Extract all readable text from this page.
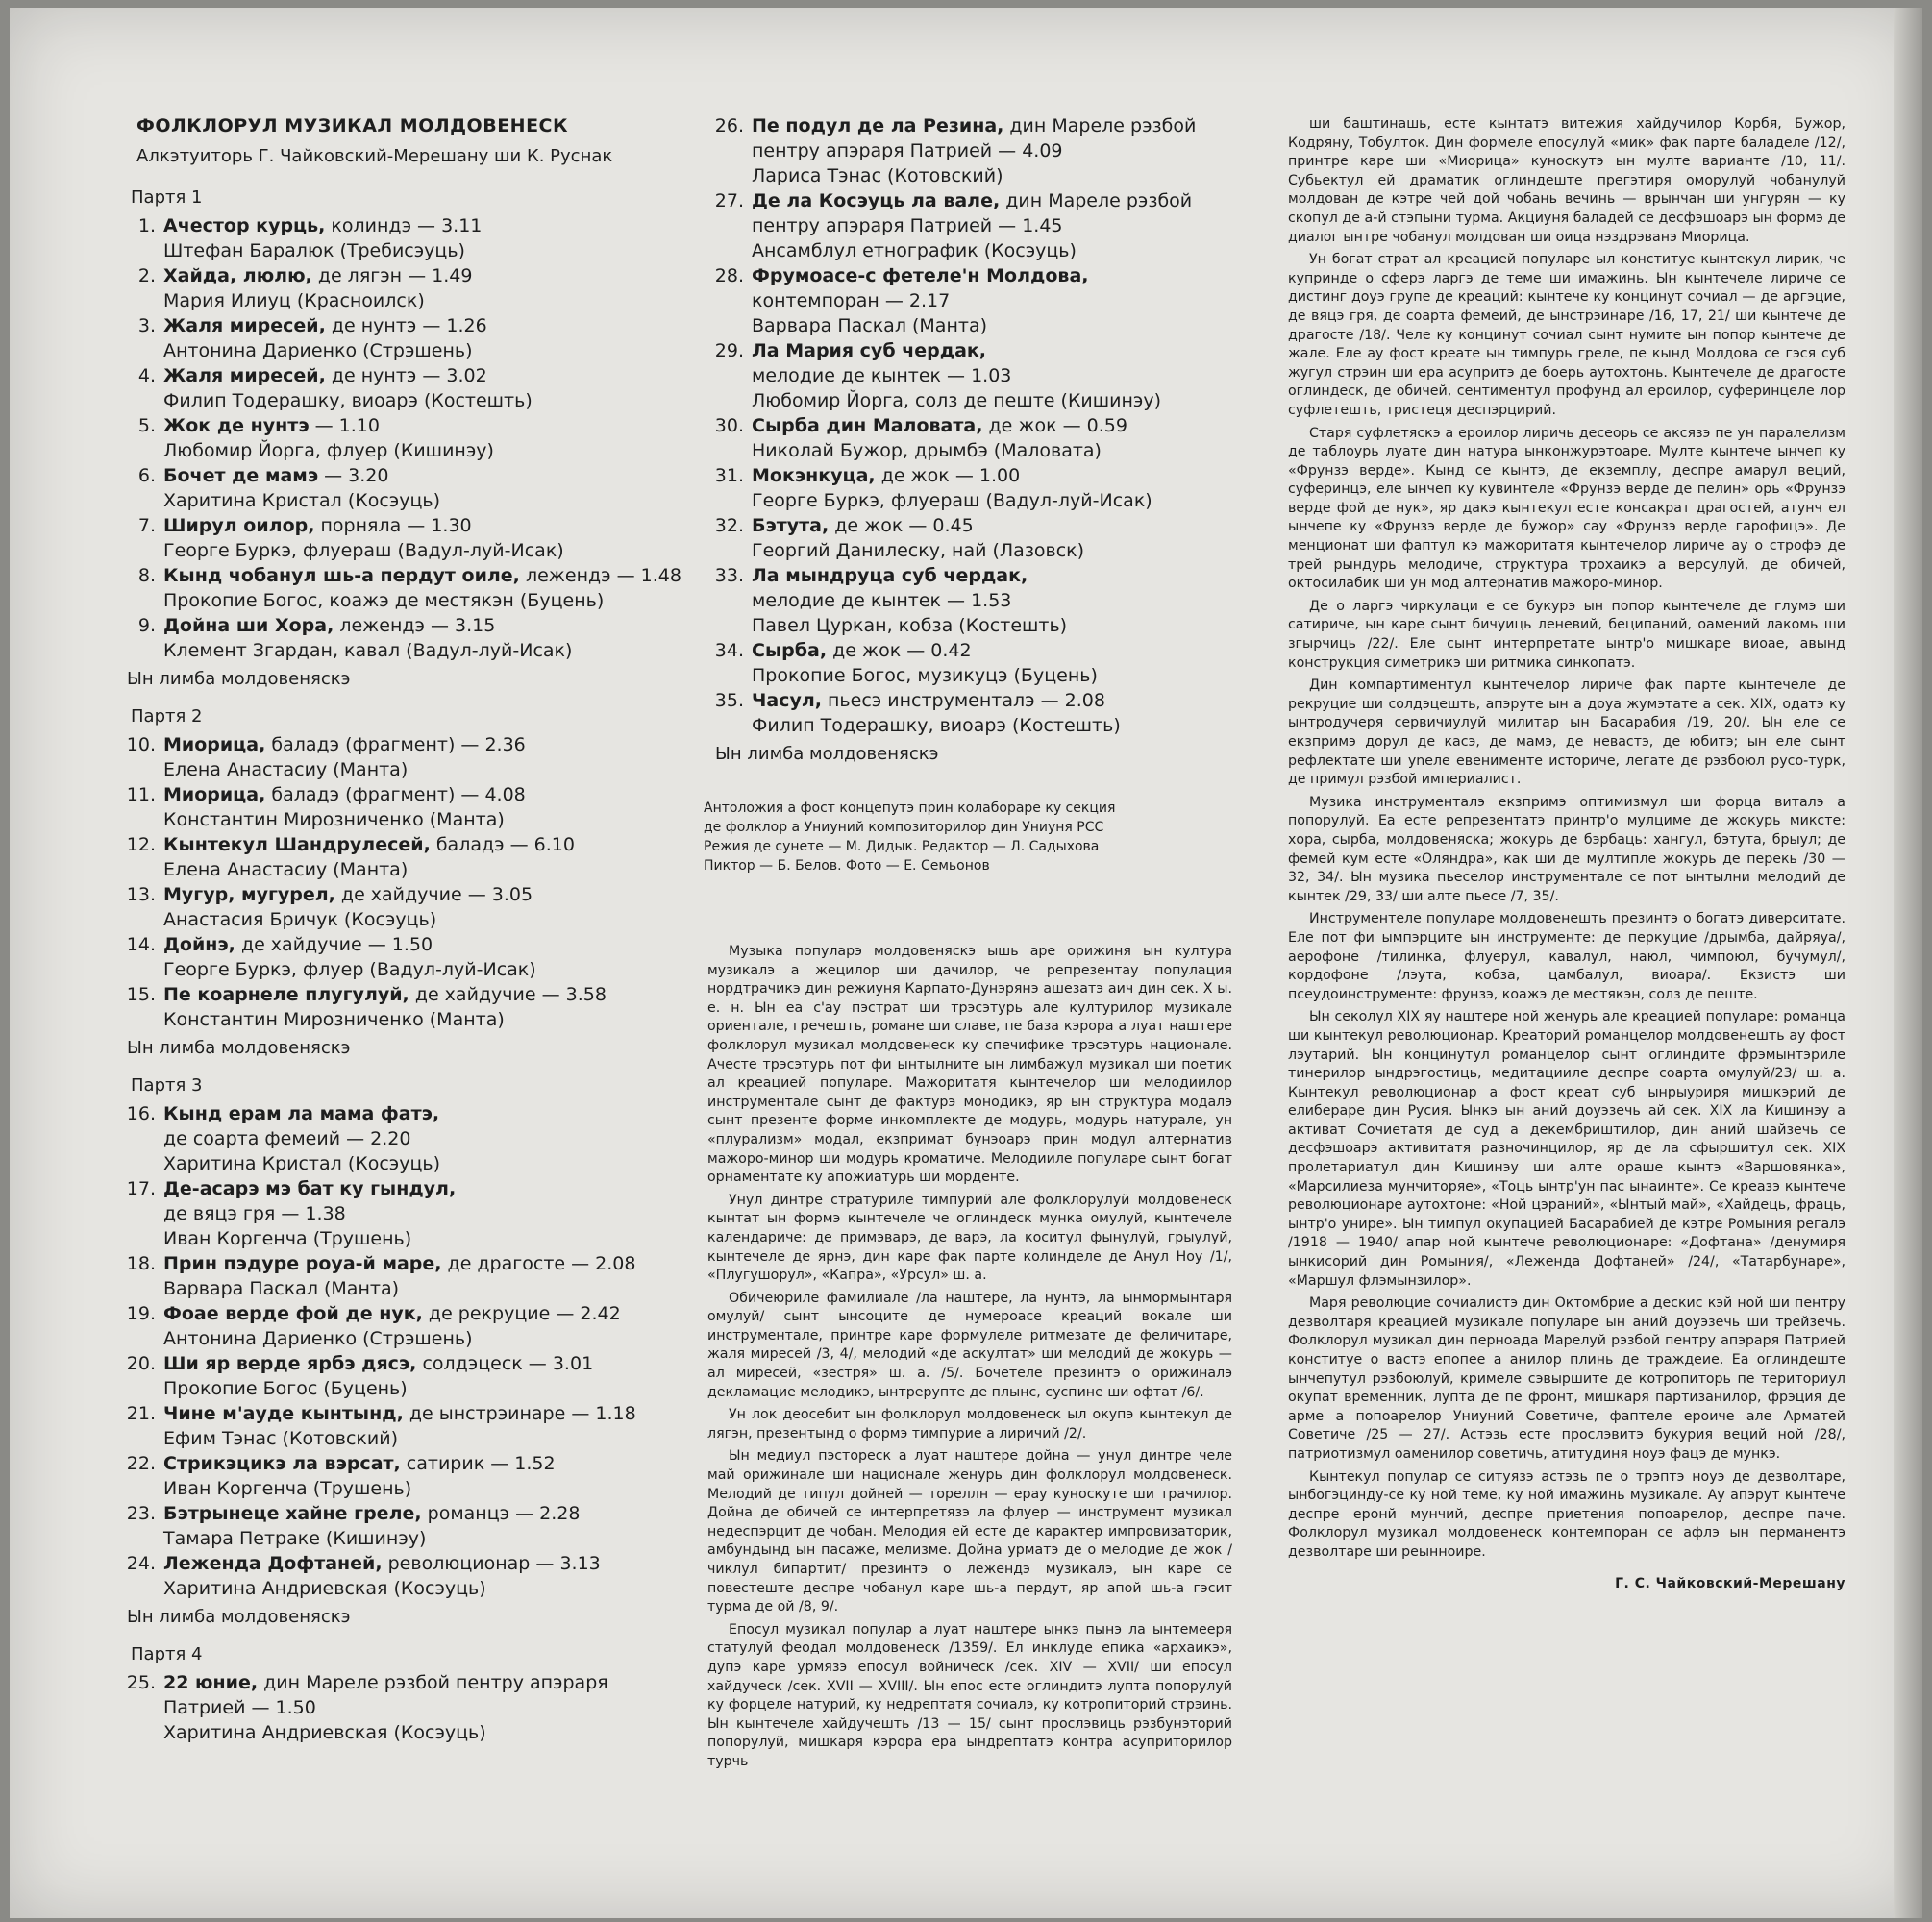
ФОЛКЛОРУЛ МУЗИКАЛ МОЛДОВЕНЕСК
Алкэтуиторь Г. Чайковский-Мерешану ши К. Руснак
Партя 1
1. Ачестор курць, колиндэ — 3.11
Штефан Баралюк (Требисэуць)
2. Хайда, люлю, де лягэн — 1.49
Мария Илиуц (Красноилск)
3. Жаля миресей, де нунтэ — 1.26
Антонина Дариенко (Стрэшень)
4. Жаля миресей, де нунтэ — 3.02
Филип Тодерашку, виоарэ (Костешть)
5. Жок де нунтэ — 1.10
Любомир Йорга, флуер (Кишинэу)
6. Бочет де мамэ — 3.20
Харитина Кристал (Косэуць)
7. Ширул оилор, порняла — 1.30
Георге Буркэ, флуераш (Вадул-луй-Исак)
8. Кынд чобанул шь-а пердут оиле, лежендэ — 1.48
Прокопие Богос, коажэ де местякэн (Буцень)
9. Дойна ши Хора, лежендэ — 3.15
Клемент Згардан, кавал (Вадул-луй-Исак)
Ын лимба молдовеняскэ
Партя 2
10. Миорица, баладэ (фрагмент) — 2.36
Елена Анастасиу (Манта)
11. Миорица, баладэ (фрагмент) — 4.08
Константин Мирозниченко (Манта)
12. Кынтекул Шандрулесей, баладэ — 6.10
Елена Анастасиу (Манта)
13. Мугур, мугурел, де хайдучие — 3.05
Анастасия Бричук (Косэуць)
14. Дойнэ, де хайдучие — 1.50
Георге Буркэ, флуер (Вадул-луй-Исак)
15. Пе коарнеле плугулуй, де хайдучие — 3.58
Константин Мирозниченко (Манта)
Ын лимба молдовеняскэ
Партя 3
16. Кынд ерам ла мама фатэ,
де соарта фемеий — 2.20
Харитина Кристал (Косэуць)
17. Де-асарэ мэ бат ку гындул,
де вяцэ гря — 1.38
Иван Коргенча (Трушень)
18. Прин пэдуре роуа-й маре, де драгосте — 2.08
Варвара Паскал (Манта)
19. Фоае верде фой де нук, де рекруцие — 2.42
Антонина Дариенко (Стрэшень)
20. Ши яр верде ярбэ дясэ, солдэцеск — 3.01
Прокопие Богос (Буцень)
21. Чине м'ауде кынтынд, де ынстрэинаре — 1.18
Ефим Тэнас (Котовский)
22. Стрикэцикэ ла вэрсат, сатирик — 1.52
Иван Коргенча (Трушень)
23. Бэтрынеце хайне греле, романцэ — 2.28
Тамара Петраке (Кишинэу)
24. Лежендa Дофтаней, революционар — 3.13
Харитина Андриевская (Косэуць)
Ын лимба молдовеняскэ
Партя 4
25. 22 юние, дин Мареле рэзбой пентру апэраря
Патрией — 1.50
Харитина Андриевская (Косэуць)
26. Пе подул де ла Резина, дин Мареле рэзбой
пентру апэраря Патрией — 4.09
Лариса Тэнас (Котовский)
27. Де ла Косэуць ла вале, дин Мареле рэзбой
пентру апэраря Патрией — 1.45
Ансамблул етнографик (Косэуць)
28. Фрумоасе-с фетеле'н Молдова,
контемпоран — 2.17
Варвара Паскал (Манта)
29. Ла Мария суб чердак,
мелодие де кынтек — 1.03
Любомир Йорга, солз де пеште (Кишинэу)
30. Сырба дин Маловата, де жок — 0.59
Николай Бужор, дрымбэ (Маловата)
31. Мокэнкуца, де жок — 1.00
Георге Буркэ, флуераш (Вадул-луй-Исак)
32. Бэтута, де жок — 0.45
Георгий Данилеску, най (Лазовск)
33. Ла мындруца суб чердак,
мелодие де кынтек — 1.53
Павел Цуркан, кобза (Костешть)
34. Сырба, де жок — 0.42
Прокопие Богос, музикуцэ (Буцень)
35. Часул, пьесэ инструменталэ — 2.08
Филип Тодерашку, виоарэ (Костешть)
Ын лимба молдовеняскэ
Антоложия а фост концепутэ прин колабораре ку секция
де фолклор а Униуний композиторилор дин Униуня РСС
Режия де сунете — М. Дидык. Редактор — Л. Садыхова
Пиктор — Б. Белов. Фото — Е. Семьонов

Музыка популарэ молдовеняскэ ышь аре орижиня ын култура музикалэ а жецилор ши дачилор, че репрезентау популация нордтрачикэ дин режиуня Карпато-Дунэрянэ ашезатэ аич дин сек. X ы. е. н. Ын еа с'ау пэстрат ши трэсэтурь але културилор музикале ориентале, гречешть, романе ши славе, пе база кэрора а луат наштере фолклорул музикал молдовенеск ку спечификe трэсэтурь национале. Ачесте трэсэтурь пот фи ынтылните ын лимбажул музикал ши поетик ал креацией популаре. Мажоритатя кынтечелор ши мелодиилор инструментале сынт де фактурэ монодикэ, яр ын структура модалэ сынт презенте форме инкомплекте де модурь, модурь натурале, ун «плурализм» модал, екзпримат бунэоарэ прин модул алтернатив мажоро-минор ши модурь кроматиче. Мелодииле популаре сынт богат орнаментате ку апожиатурь ши морденте.

Унул динтре стратуриле тимпурий але фолклорулуй молдовенеск кынтат ын формэ кынтечеле че оглиндеск мунка омулуй, кынтечеле календариче: де примэварэ, де варэ, ла коситул фынулуй, грыулуй, кынтечеле де ярнэ, дин каре фак парте колинделе де Анул Ноу /1/, «Плугушорул», «Капра», «Урсул» ш. а.

Обичеюриле фамилиале /ла наштере, ла нунтэ, ла ынмормынтаря омулуй/ сынт ынсоците де нумероасе креаций вокале ши инструментале, принтре каре формулеле ритмезате де феличитаре, жаля миресей /3, 4/, мелодий «де аскултат» ши мелодий де жокурь — ал миресей, «зестря» ш. а. /5/. Бочетеле презинтэ о орижиналэ декламацие мелодикэ, ынтрерупте де плынс, суспине ши офтат /6/.

Ун лок деосебит ын фолклорул молдовенеск ыл окупэ кынтекул де лягэн, презентынд о формэ тимпурие а лиричий /2/.

Ын медиул пэстореск а луат наштере дойна — унул динтре челе май орижинале ши националe женурь дин фолклорул молдовенеск. Мелодий де типул дойней — тореллн — ерау куноскуте ши трачилор. Дойна де обичей се интерпретязэ ла флуер — инструмент музикал недеспэрцит де чобан. Мелодия ей есте де карактер импровизаторик, амбундынд ын пасаже, мелизме. Дойна урматэ де о мелодие де жок /чиклул бипартит/ презинтэ о лежендэ музикалэ, ын каре се повестеште деспре чобанул каре шь-а пердут, яр апой шь-а гэсит турма де ой /8, 9/.

Епосул музикал популар а луат наштере ынкэ пынэ ла ынтемееря статулуй феодал молдовенеск /1359/. Ел инклуде епика «архаикэ», дупэ каре урмязэ епосул войническ /сек. XIV — XVII/ ши епосул хайдуческ /сек. XVII — XVIII/. Ын епос есте оглиндитэ лупта попорулуй ку форцеле натурий, ку недрептатя сочиалэ, ку котропиторий стрэинь. Ын кынтечеле хайдучешть /13 — 15/ сынт прослэвиць рэзбунэторий попорулуй, мишкаря кэрора ера ындрептатэ контра асуприторилор турчь

ши баштинашь, есте кынтатэ витежия хайдучилор Корбя, Бужор, Кодряну, Тобулток. Дин формеле епосулуй «мик» фак парте баладеле /12/, принтре каре ши «Миорица» куноскутэ ын мулте варианте /10, 11/. Субьектул ей драматик оглиндеште прегэтиря оморулуй чобанулуй молдован де кэтре чей дой чобань вечинь — врынчан ши унгурян — ку скопул де а-й стэпыни турма. Акциуня баладей се десфэшоарэ ын формэ де диалог ынтре чобанул молдован ши оица нэздрэванэ Миорица.

Ун богат страт ал креацией популаре ыл конституе кынтекул лирик, че купринде о сферэ ларгэ де теме ши имажинь. Ын кынтечеле лириче се дистинг доуэ групе де креаций: кынтече ку концинут сочиал — де аргэцие, де вяцэ гря, де соарта фемеий, де ынстрэинаре /16, 17, 21/ ши кынтече де драгосте /18/. Челе ку концинут сочиал сынт нумите ын попор кынтече де жале. Еле ау фост креате ын тимпурь греле, пе кынд Молдова се гэся суб жугул стрэин ши ера асупритэ де боерь аутохтонь. Кынтечеле де драгосте оглиндеск, де обичей, сентиментул профунд ал ероилор, суферинцеле лор суфлетешть, тристеця деспэрцирий.

Старя суфлетяскэ а ероилор лиричь десеорь се аксязэ пе ун паралелизм де таблоурь луате дин натура ынконжурэтоаре. Мулте кынтече ынчеп ку «Фрунзэ верде». Кынд се кынтэ, де екземплу, деспре амарул веций, суферинцэ, еле ынчеп ку кувинтеле «Фрунзэ верде де пелин» орь «Фрунзэ верде фой де нук», яр дакэ кынтекул есте консакрат драгостей, атунч ел ынчепе ку «Фрунзэ верде де бужор» сау «Фрунзэ верде гарофицэ». Де менционат ши фаптул кэ мажоритатя кынтечелор лириче ау о строфэ де трей рындурь мелодиче, структура трохаикэ а версулуй, де обичей, октосилабик ши ун мод алтернатив мажоро-минор.

Де о ларгэ чиркулаци е се букурэ ын попор кынтечеле де глумэ ши сатириче, ын каре сынт бичуиць леневий, беципаний, оамений лакомь ши згырчиць /22/. Еле сынт интерпретате ынтр'о мишкаре виоае, авынд конструкция симетрикэ ши ритмика синкопатэ.

Дин компартиментул кынтечелор лириче фак парте кынтечеле де рекруцие ши солдэцешть, апэруте ын а доуа жумэтате а сек. XIX, одатэ ку ынтродучеря сервичиулуй милитар ын Басарабия /19, 20/. Ын еле се екзпримэ дорул де касэ, де мамэ, де невастэ, де юбитэ; ын еле сынт рефлектате ши уneле евенименте историче, легате де рэзбоюл русо-турк, де примул рэзбой империалист.

Музика инструменталэ екзпримэ оптимизмул ши форца виталэ а попорулуй. Еа есте репрезентатэ принтр'о мулциме де жокурь миксте: хора, сырба, молдовеняска; жокурь де бэрбаць: хангул, бэтута, брыул; де фемей кум есте «Оляндра», как ши де мултипле жокурь де перекь /30 — 32, 34/. Ын музика пьеселор инструментале се пот ынтылни мелодий де кынтек /29, 33/ ши алте пьесе /7, 35/.

Инструментеле популаре молдовенешть презинтэ о богатэ диверситате. Еле пот фи ымпэрците ын инструменте: де перкуцие /дрымба, дайряуа/, аерофоне /тилинка, флуерул, кавалул, наюл, чимпоюл, бучумул/, кордофоне /лэута, кобза, цамбалул, виоара/. Екзистэ ши псеудоинструменте: фрунзэ, коажэ де местякэн, солз де пеште.

Ын секолул XIX яу наштере ной женурь але креацией популаре: романца ши кынтекул революционар. Креаторий романцелор молдовенешть ау фост лэутарий. Ын концинутул романцелор сынт оглиндите фрэмынтэриле тинерилор ындрэгостиць, медитацииле деспре соарта омулуй/23/ ш. а. Кынтекул революционар а фост креат суб ынрыуриря мишкэрий де елибераре дин Русия. Ынкэ ын аний доуэзечь ай сек. XIX ла Кишинэу а активат Сочиетатя де суд а декембриштилор, дин аний шайзечь се десфэшоарэ активитатя разночинцилор, яр де ла сфыршитул сек. XIX пролетариатул дин Кишинэу ши алте ораше кынтэ «Варшовянка», «Марсилиеза мунчиторяе», «Тоць ынтр'ун пас ынаинте». Се креазэ кынтече революционаре аутохтоне: «Ной цэраний», «Ынтый май», «Хайдець, фраць, ынтр'о унире». Ын тимпул окупацией Басарабией де кэтре Ромыния регалэ /1918 — 1940/ апар ной кынтече революционаре: «Дофтана» /денумиря ынкисорий дин Ромыния/, «Лежендa Дофтаней» /24/, «Татарбунаре», «Маршул флэмынзилор».

Маря революцие сочиалистэ дин Октомбрие а дескис кэй ной ши пентру дезволтаря креацией музикале популаре ын аний доуэзечь ши трейзечь. Фолклорул музикал дин перноада Марелуй рэзбой пентру апэраря Патрией конституе о вастэ епопее а анилор плинь де траждеие. Еа оглиндеште ынчепутул рэзбоюлуй, кримеле сэвыршите де котропиторь пе териториул окупат временник, лупта де пе фронт, мишкаря партизанилор, фрэция де арме а попоарелор Униуний Советиче, фаптеле ероиче але Арматей Советиче /25 — 27/. Астэзь есте прослэвитэ букурия веций ной /28/, патриотизмул оаменилор советичь, атитудиня ноуэ фацэ де мункэ.

Кынтекул популар се ситуязэ астэзь пе о трэптэ ноуэ де дезволтаре, ынбогэцинду-се ку ной теме, ку ной имажинь музикале. Ау апэрут кынтече деспре еронй мунчий, деспре приетения попоарелор, деспре паче. Фолклорул музикал молдовенеск контемпоран се афлэ ын перманентэ дезволтаре ши реыннoире.

Г. С. Чайковский-Мерешану
